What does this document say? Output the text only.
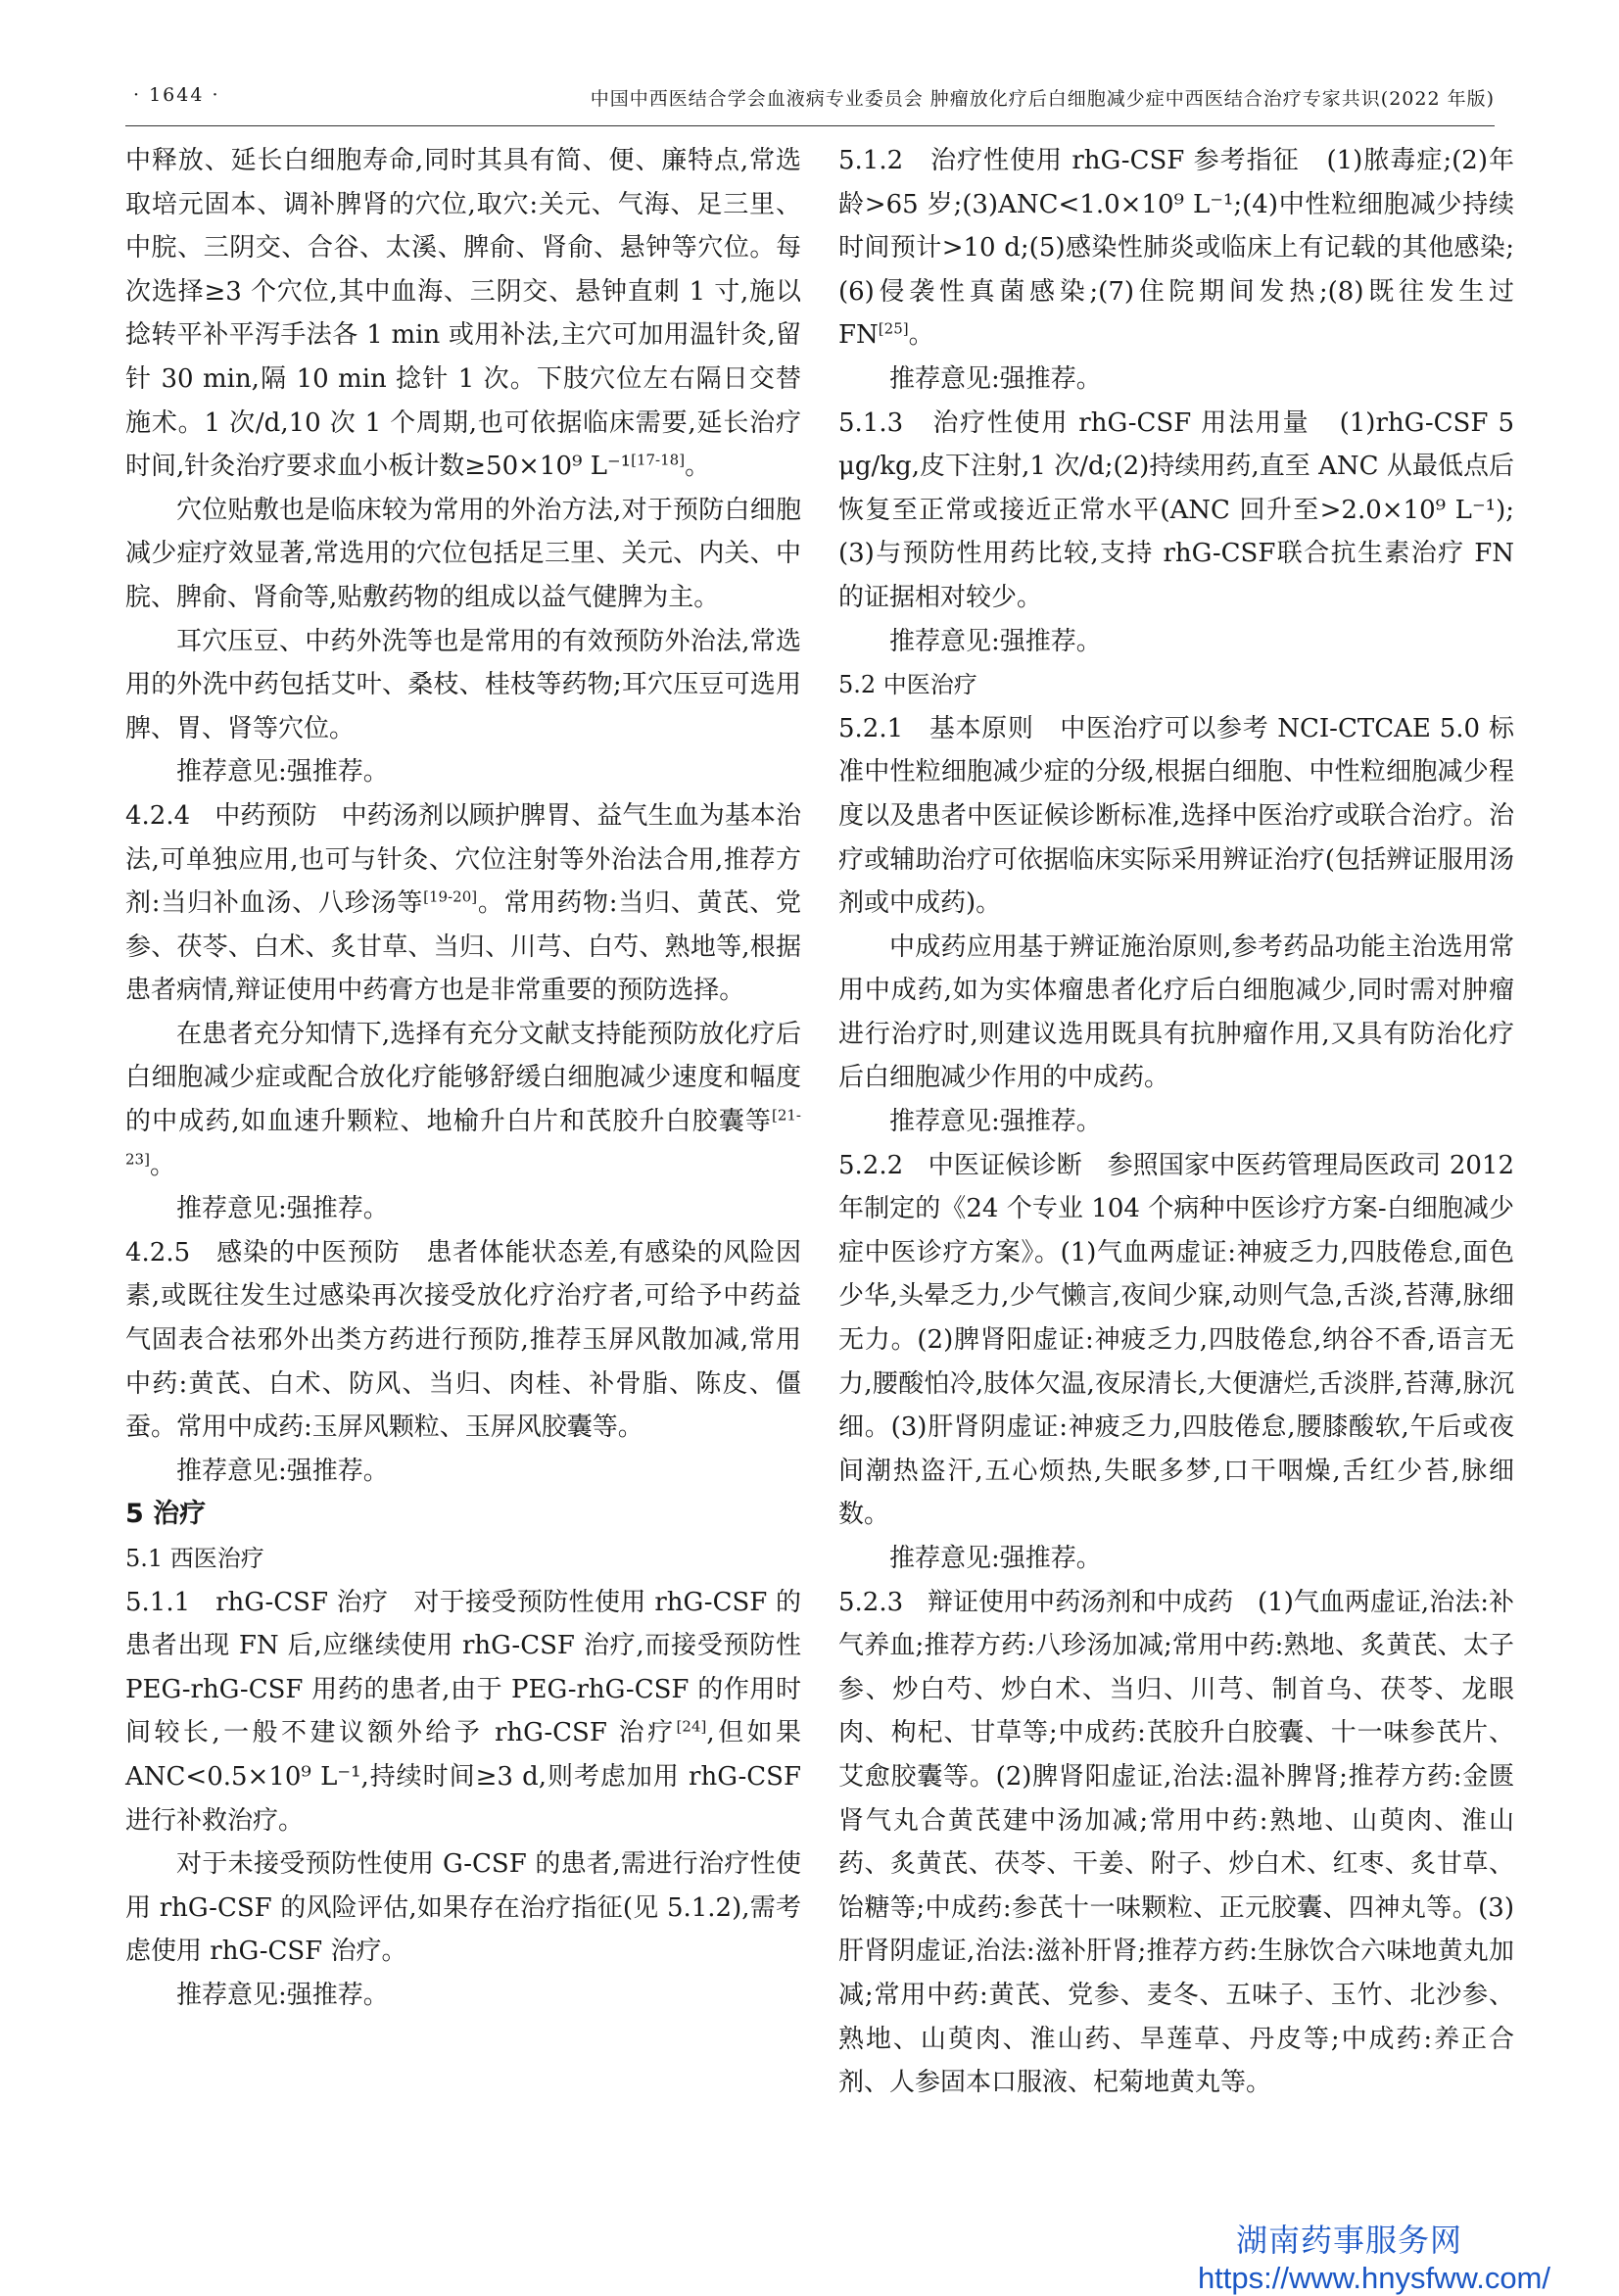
· 1644 ·	中国中西医结合学会血液病专业委员会 肿瘤放化疗后白细胞减少症中西医结合治疗专家共识(2022 年版)

中释放、延长白细胞寿命,同时其具有简、便、廉特点,常选取培元固本、调补脾肾的穴位,取穴:关元、气海、足三里、中脘、三阴交、合谷、太溪、脾俞、肾俞、悬钟等穴位。每次选择≥3 个穴位,其中血海、三阴交、悬钟直刺 1 寸,施以捻转平补平泻手法各 1 min 或用补法,主穴可加用温针灸,留针 30 min,隔 10 min 捻针 1 次。下肢穴位左右隔日交替施术。1 次/d,10 次 1 个周期,也可依据临床需要,延长治疗时间,针灸治疗要求血小板计数≥50×10⁹ L⁻¹[17-18]。

穴位贴敷也是临床较为常用的外治方法,对于预防白细胞减少症疗效显著,常选用的穴位包括足三里、关元、内关、中脘、脾俞、肾俞等,贴敷药物的组成以益气健脾为主。

耳穴压豆、中药外洗等也是常用的有效预防外治法,常选用的外洗中药包括艾叶、桑枝、桂枝等药物;耳穴压豆可选用脾、胃、肾等穴位。

推荐意见:强推荐。

4.2.4 中药预防 中药汤剂以顾护脾胃、益气生血为基本治法,可单独应用,也可与针灸、穴位注射等外治法合用,推荐方剂:当归补血汤、八珍汤等[19-20]。常用药物:当归、黄芪、党参、茯苓、白术、炙甘草、当归、川芎、白芍、熟地等,根据患者病情,辩证使用中药膏方也是非常重要的预防选择。

在患者充分知情下,选择有充分文献支持能预防放化疗后白细胞减少症或配合放化疗能够舒缓白细胞减少速度和幅度的中成药,如血速升颗粒、地榆升白片和芪胶升白胶囊等[21-23]。

推荐意见:强推荐。

4.2.5 感染的中医预防 患者体能状态差,有感染的风险因素,或既往发生过感染再次接受放化疗治疗者,可给予中药益气固表合祛邪外出类方药进行预防,推荐玉屏风散加减,常用中药:黄芪、白术、防风、当归、肉桂、补骨脂、陈皮、僵蚕。常用中成药:玉屏风颗粒、玉屏风胶囊等。

推荐意见:强推荐。

5 治疗

5.1 西医治疗

5.1.1 rhG-CSF 治疗 对于接受预防性使用 rhG-CSF 的患者出现 FN 后,应继续使用 rhG-CSF 治疗,而接受预防性 PEG-rhG-CSF 用药的患者,由于 PEG-rhG-CSF 的作用时间较长,一般不建议额外给予 rhG-CSF 治疗[24],但如果 ANC<0.5×10⁹ L⁻¹,持续时间≥3 d,则考虑加用 rhG-CSF 进行补救治疗。

对于未接受预防性使用 G-CSF 的患者,需进行治疗性使用 rhG-CSF 的风险评估,如果存在治疗指征(见 5.1.2),需考虑使用 rhG-CSF 治疗。

推荐意见:强推荐。

5.1.2 治疗性使用 rhG-CSF 参考指征 (1)脓毒症;(2)年龄>65 岁;(3)ANC<1.0×10⁹ L⁻¹;(4)中性粒细胞减少持续时间预计>10 d;(5)感染性肺炎或临床上有记载的其他感染;(6)侵袭性真菌感染;(7)住院期间发热;(8)既往发生过 FN[25]。

推荐意见:强推荐。

5.1.3 治疗性使用 rhG-CSF 用法用量 (1)rhG-CSF 5 μg/kg,皮下注射,1 次/d;(2)持续用药,直至 ANC 从最低点后恢复至正常或接近正常水平(ANC 回升至>2.0×10⁹ L⁻¹);(3)与预防性用药比较,支持 rhG-CSF联合抗生素治疗 FN 的证据相对较少。

推荐意见:强推荐。

5.2 中医治疗

5.2.1 基本原则 中医治疗可以参考 NCI-CTCAE 5.0 标准中性粒细胞减少症的分级,根据白细胞、中性粒细胞减少程度以及患者中医证候诊断标准,选择中医治疗或联合治疗。治疗或辅助治疗可依据临床实际采用辨证治疗(包括辨证服用汤剂或中成药)。

中成药应用基于辨证施治原则,参考药品功能主治选用常用中成药,如为实体瘤患者化疗后白细胞减少,同时需对肿瘤进行治疗时,则建议选用既具有抗肿瘤作用,又具有防治化疗后白细胞减少作用的中成药。

推荐意见:强推荐。

5.2.2 中医证候诊断 参照国家中医药管理局医政司 2012 年制定的《24 个专业 104 个病种中医诊疗方案-白细胞减少症中医诊疗方案》。(1)气血两虚证:神疲乏力,四肢倦怠,面色少华,头晕乏力,少气懒言,夜间少寐,动则气急,舌淡,苔薄,脉细无力。(2)脾肾阳虚证:神疲乏力,四肢倦怠,纳谷不香,语言无力,腰酸怕冷,肢体欠温,夜尿清长,大便溏烂,舌淡胖,苔薄,脉沉细。(3)肝肾阴虚证:神疲乏力,四肢倦怠,腰膝酸软,午后或夜间潮热盗汗,五心烦热,失眠多梦,口干咽燥,舌红少苔,脉细数。

推荐意见:强推荐。

5.2.3 辩证使用中药汤剂和中成药 (1)气血两虚证,治法:补气养血;推荐方药:八珍汤加减;常用中药:熟地、炙黄芪、太子参、炒白芍、炒白术、当归、川芎、制首乌、茯苓、龙眼肉、枸杞、甘草等;中成药:芪胶升白胶囊、十一味参芪片、艾愈胶囊等。(2)脾肾阳虚证,治法:温补脾肾;推荐方药:金匮肾气丸合黄芪建中汤加减;常用中药:熟地、山萸肉、淮山药、炙黄芪、茯苓、干姜、附子、炒白术、红枣、炙甘草、饴糖等;中成药:参芪十一味颗粒、正元胶囊、四神丸等。(3)肝肾阴虚证,治法:滋补肝肾;推荐方药:生脉饮合六味地黄丸加减;常用中药:黄芪、党参、麦冬、五味子、玉竹、北沙参、熟地、山萸肉、淮山药、旱莲草、丹皮等;中成药:养正合剂、人参固本口服液、杞菊地黄丸等。

湖南药事服务网
https://www.hnysfww.com/
